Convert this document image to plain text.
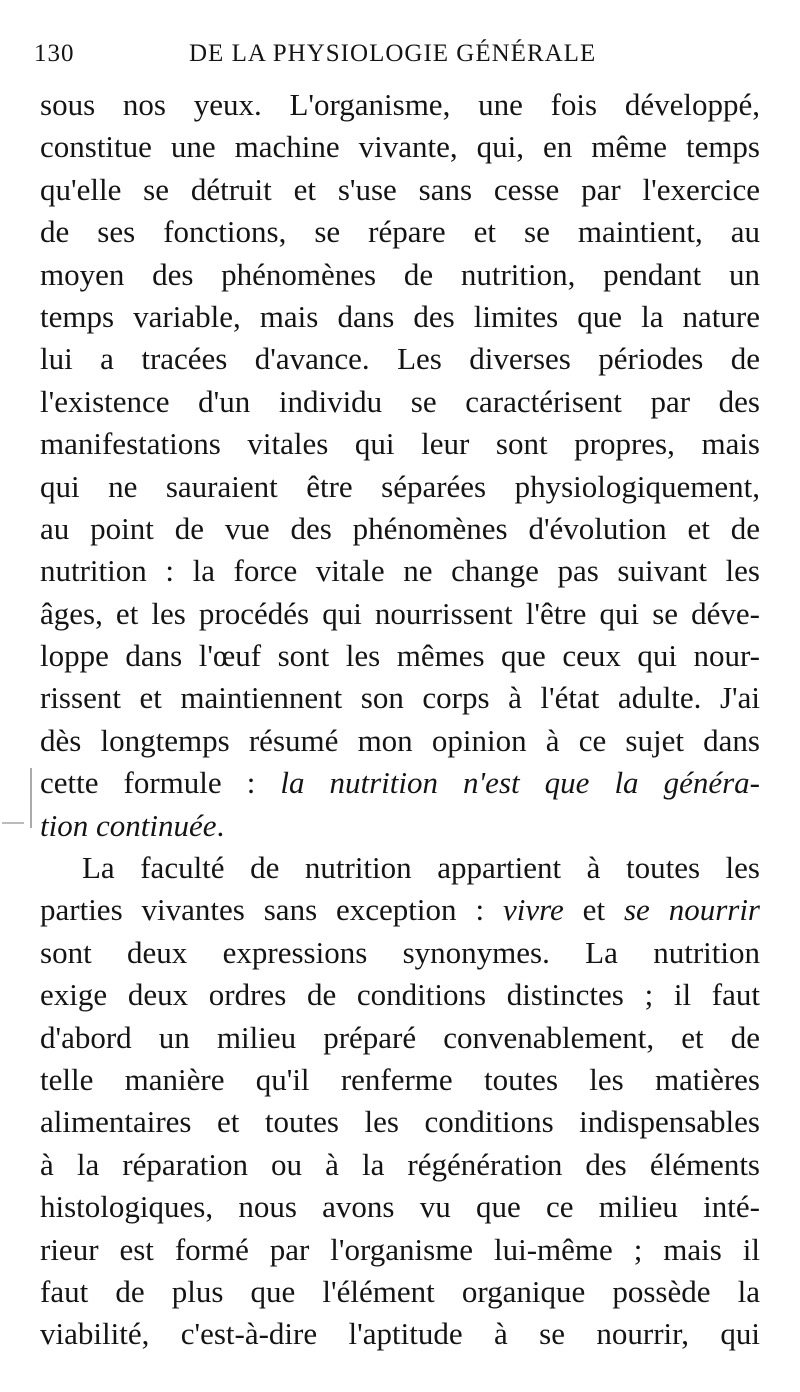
130	DE LA PHYSIOLOGIE GÉNÉRALE
sous nos yeux. L'organisme, une fois développé,
constitue une machine vivante, qui, en même temps
qu'elle se détruit et s'use sans cesse par l'exercice
de ses fonctions, se répare et se maintient, au
moyen des phénomènes de nutrition, pendant un
temps variable, mais dans des limites que la nature
lui a tracées d'avance. Les diverses périodes de
l'existence d'un individu se caractérisent par des
manifestations vitales qui leur sont propres, mais
qui ne sauraient être séparées physiologiquement,
au point de vue des phénomènes d'évolution et de
nutrition : la force vitale ne change pas suivant les
âges, et les procédés qui nourrissent l'être qui se déve-
loppe dans l'œuf sont les mêmes que ceux qui nour-
rissent et maintiennent son corps à l'état adulte. J'ai
dès longtemps résumé mon opinion à ce sujet dans
cette formule : la nutrition n'est que la généra-
tion continuée.
La faculté de nutrition appartient à toutes les
parties vivantes sans exception : vivre et se nourrir
sont deux expressions synonymes. La nutrition
exige deux ordres de conditions distinctes ; il faut
d'abord un milieu préparé convenablement, et de
telle manière qu'il renferme toutes les matières
alimentaires et toutes les conditions indispensables
à la réparation ou à la régénération des éléments
histologiques, nous avons vu que ce milieu inté-
rieur est formé par l'organisme lui-même ; mais il
faut de plus que l'élément organique possède la
viabilité, c'est-à-dire l'aptitude à se nourrir, qui
